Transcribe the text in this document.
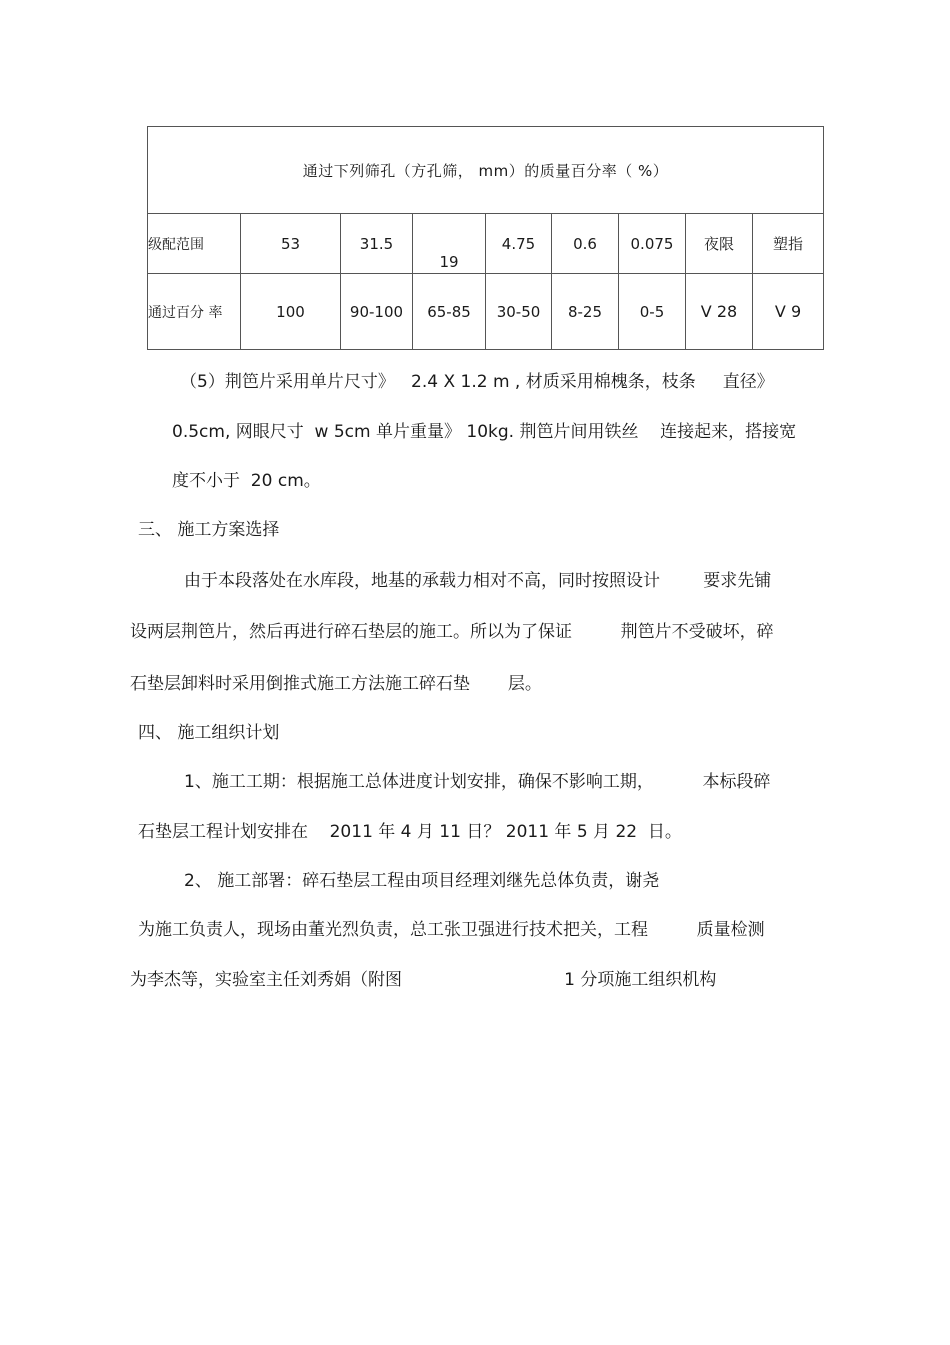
通过下列筛孔（方孔筛， mm）的质量百分率（ %）								
级配范围	53	31.5	19	4.75	0.6	0.075	夜限	塑指
通过百分 率	100	90-100	65-85	30-50	8-25	0-5	V 28	V 9
（5）荆笆片采用单片尺寸》   2.4 X 1.2 m , 材质采用棉槐条，枝条     直径》
0.5cm, 网眼尺寸  w 5cm 单片重量》 10kg. 荆笆片间用铁丝    连接起来，搭接宽
度不小于  20 cm。
三、 施工方案选择
由于本段落处在水库段，地基的承载力相对不高，同时按照设计        要求先铺
设两层荆笆片，然后再进行碎石垫层的施工。所以为了保证         荆笆片不受破坏，碎
石垫层卸料时采用倒推式施工方法施工碎石垫       层。
四、 施工组织计划
1、施工工期：根据施工总体进度计划安排，确保不影响工期，         本标段碎
石垫层工程计划安排在    2011 年 4 月 11 日？ 2011 年 5 月 22  日。
2、 施工部署：碎石垫层工程由项目经理刘继先总体负责，谢尧
为施工负责人，现场由董光烈负责，总工张卫强进行技术把关，工程         质量检测
为李杰等，实验室主任刘秀娟（附图                              1 分项施工组织机构
